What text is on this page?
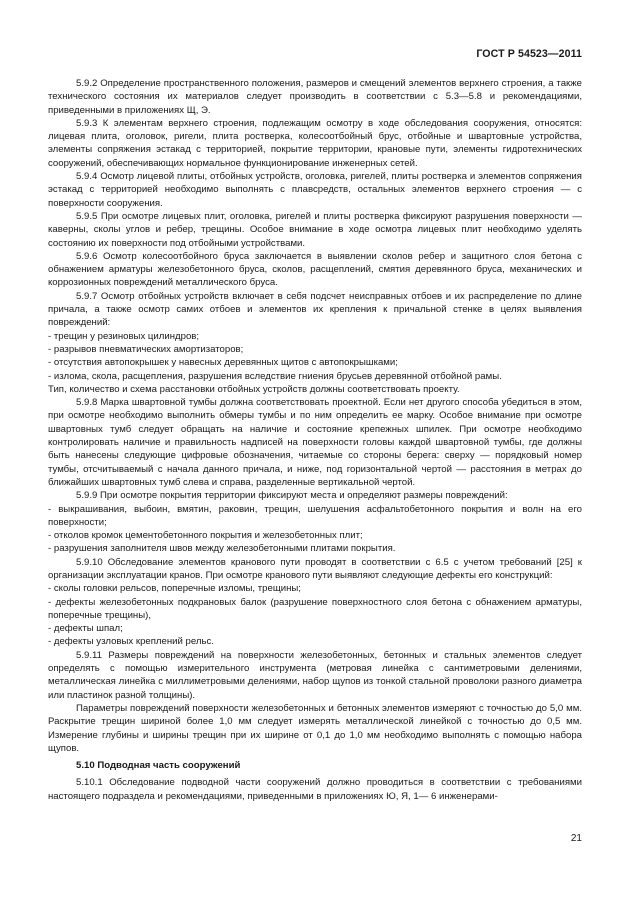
ГОСТ Р 54523—2011

5.9.2 Определение пространственного положения, размеров и смещений элементов верхнего строения, а также технического состояния их материалов следует производить в соответствии с 5.3—5.8 и рекомендациями, приведенными в приложениях Щ, Э.

5.9.3 К элементам верхнего строения, подлежащим осмотру в ходе обследования сооружения, относятся: лицевая плита, оголовок, ригели, плита ростверка, колесоотбойный брус, отбойные и швартовные устройства, элементы сопряжения эстакад с территорией, покрытие территории, крановые пути, элементы гидротехнических сооружений, обеспечивающих нормальное функционирование инженерных сетей.

5.9.4 Осмотр лицевой плиты, отбойных устройств, оголовка, ригелей, плиты ростверка и элементов сопряжения эстакад с территорией необходимо выполнять с плавсредств, остальных элементов верхнего строения — с поверхности сооружения.

5.9.5 При осмотре лицевых плит, оголовка, ригелей и плиты ростверка фиксируют разрушения поверхности — каверны, сколы углов и ребер, трещины. Особое внимание в ходе осмотра лицевых плит необходимо уделять состоянию их поверхности под отбойными устройствами.

5.9.6 Осмотр колесоотбойного бруса заключается в выявлении сколов ребер и защитного слоя бетона с обнажением арматуры железобетонного бруса, сколов, расщеплений, смятия деревянного бруса, механических и коррозионных повреждений металлического бруса.

5.9.7 Осмотр отбойных устройств включает в себя подсчет неисправных отбоев и их распределение по длине причала, а также осмотр самих отбоев и элементов их крепления к причальной стенке в целях выявления повреждений:

- трещин у резиновых цилиндров;

- разрывов пневматических амортизаторов;

- отсутствия автопокрышек у навесных деревянных щитов с автопокрышками;

- излома, скола, расщепления, разрушения вследствие гниения брусьев деревянной отбойной рамы.

Тип, количество и схема расстановки отбойных устройств должны соответствовать проекту.

5.9.8 Марка швартовной тумбы должна соответствовать проектной. Если нет другого способа убедиться в этом, при осмотре необходимо выполнить обмеры тумбы и по ним определить ее марку. Особое внимание при осмотре швартовных тумб следует обращать на наличие и состояние крепежных шпилек. При осмотре необходимо контролировать наличие и правильность надписей на поверхности головы каждой швартовной тумбы, где должны быть нанесены следующие цифровые обозначения, читаемые со стороны берега: сверху — порядковый номер тумбы, отсчитываемый с начала данного причала, и ниже, под горизонтальной чертой — расстояния в метрах до ближайших швартовных тумб слева и справа, разделенные вертикальной чертой.

5.9.9 При осмотре покрытия территории фиксируют места и определяют размеры повреждений:

- выкрашивания, выбоин, вмятин, раковин, трещин, шелушения асфальтобетонного покрытия и волн на его поверхности;

- отколов кромок цементобетонного покрытия и железобетонных плит;

- разрушения заполнителя швов между железобетонными плитами покрытия.

5.9.10 Обследование элементов кранового пути проводят в соответствии с 6.5 с учетом требований [25] к организации эксплуатации кранов. При осмотре кранового пути выявляют следующие дефекты его конструкций:

- сколы головки рельсов, поперечные изломы, трещины;

- дефекты железобетонных подкрановых балок (разрушение поверхностного слоя бетона с обнажением арматуры, поперечные трещины),

- дефекты шпал;

- дефекты узловых креплений рельс.

5.9.11 Размеры повреждений на поверхности железобетонных, бетонных и стальных элементов следует определять с помощью измерительного инструмента (метровая линейка с сантиметровыми делениями, металлическая линейка с миллиметровыми делениями, набор щупов из тонкой стальной проволоки разного диаметра или пластинок разной толщины).

Параметры повреждений поверхности железобетонных и бетонных элементов измеряют с точностью до 5,0 мм. Раскрытие трещин шириной более 1,0 мм следует измерять металлической линейкой с точностью до 0,5 мм. Измерение глубины и ширины трещин при их ширине от 0,1 до 1,0 мм необходимо выполнять с помощью набора щупов.

5.10 Подводная часть сооружений

5.10.1 Обследование подводной части сооружений должно проводиться в соответствии с требованиями настоящего подраздела и рекомендациями, приведенными в приложениях Ю, Я, 1— 6 инженерами-

21
